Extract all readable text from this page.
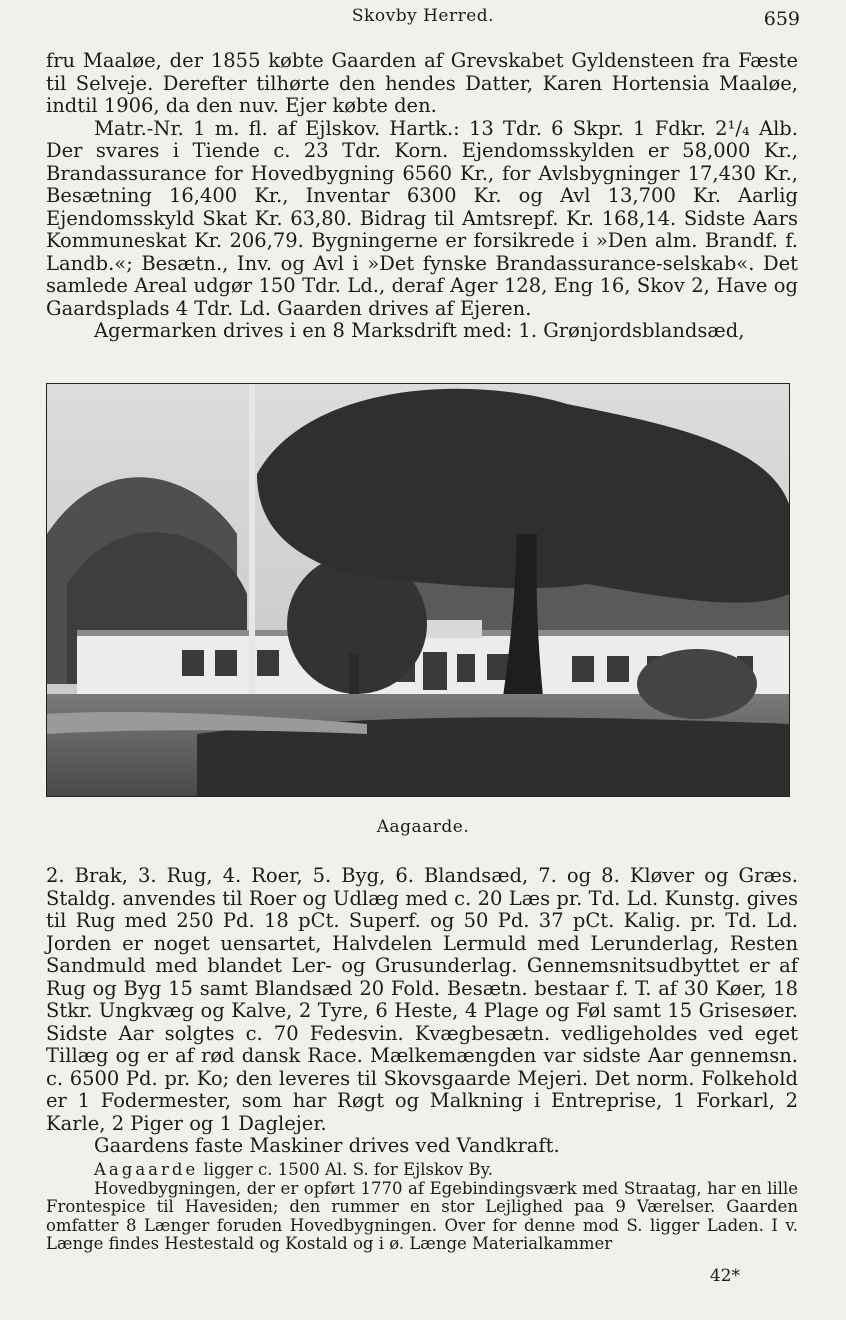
Skovby Herred.	659

fru Maaløe, der 1855 købte Gaarden af Grevskabet Gyldensteen fra Fæste til Selveje. Derefter tilhørte den hendes Datter, Karen Hortensia Maaløe, indtil 1906, da den nuv. Ejer købte den.

Matr.-Nr. 1 m. fl. af Ejlskov. Hartk.: 13 Tdr. 6 Skpr. 1 Fdkr. 2¹/₄ Alb. Der svares i Tiende c. 23 Tdr. Korn. Ejendomsskylden er 58,000 Kr., Brandassurance for Hovedbygning 6560 Kr., for Avlsbygninger 17,430 Kr., Besætning 16,400 Kr., Inventar 6300 Kr. og Avl 13,700 Kr. Aarlig Ejendomsskyld Skat Kr. 63,80. Bidrag til Amtsrepf. Kr. 168,14. Sidste Aars Kommuneskat Kr. 206,79. Bygningerne er forsikrede i »Den alm. Brandf. f. Landb.«; Besætn., Inv. og Avl i »Det fynske Brandassurance-selskab«. Det samlede Areal udgør 150 Tdr. Ld., deraf Ager 128, Eng 16, Skov 2, Have og Gaardsplads 4 Tdr. Ld. Gaarden drives af Ejeren.

Agermarken drives i en 8 Marksdrift med: 1. Grønjordsblandsæd,

Aagaarde.

2. Brak, 3. Rug, 4. Roer, 5. Byg, 6. Blandsæd, 7. og 8. Kløver og Græs. Staldg. anvendes til Roer og Udlæg med c. 20 Læs pr. Td. Ld. Kunstg. gives til Rug med 250 Pd. 18 pCt. Superf. og 50 Pd. 37 pCt. Kalig. pr. Td. Ld. Jorden er noget uensartet, Halvdelen Lermuld med Lerunderlag, Resten Sandmuld med blandet Ler- og Grusunderlag. Gennemsnitsudbyttet er af Rug og Byg 15 samt Blandsæd 20 Fold. Besætn. bestaar f. T. af 30 Køer, 18 Stkr. Ungkvæg og Kalve, 2 Tyre, 6 Heste, 4 Plage og Føl samt 15 Grisesøer. Sidste Aar solgtes c. 70 Fedesvin. Kvægbesætn. vedligeholdes ved eget Tillæg og er af rød dansk Race. Mælkemængden var sidste Aar gennemsn. c. 6500 Pd. pr. Ko; den leveres til Skovsgaarde Mejeri. Det norm. Folkehold er 1 Fodermester, som har Røgt og Malkning i Entreprise, 1 Forkarl, 2 Karle, 2 Piger og 1 Daglejer.

Gaardens faste Maskiner drives ved Vandkraft.

Aagaarde ligger c. 1500 Al. S. for Ejlskov By.

Hovedbygningen, der er opført 1770 af Egebindingsværk med Straatag, har en lille Frontespice til Havesiden; den rummer en stor Lejlighed paa 9 Værelser. Gaarden omfatter 8 Længer foruden Hovedbygningen. Over for denne mod S. ligger Laden. I v. Længe findes Hestestald og Kostald og i ø. Længe Materialkammer

42*
